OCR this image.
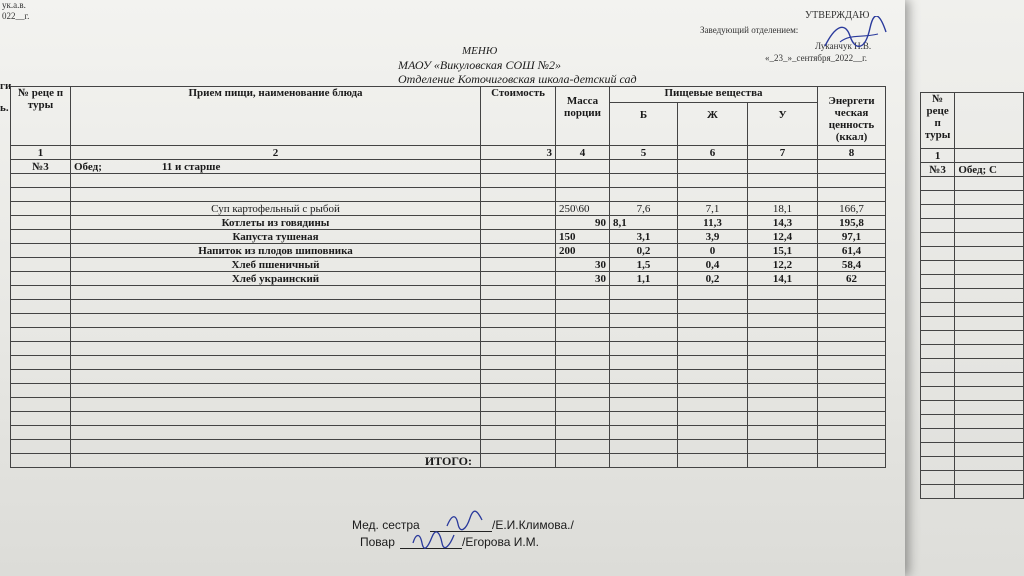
№ реце п туры	
1	
№3	Обед; С

ук.а.в.
022__г.
ги
ь.
УТВЕРЖДАЮ
Заведующий отделением:
Луканчук Н.В.
«_23_»_сентября_2022__г.
МЕНЮ
МАОУ «Викуловская СОШ №2»
Отделение Коточиговская школа-детский сад
№ реце п туры	Прием пищи, наименование блюда	Стоимость	Масса порции	Пищевые вещества			Энергети ческая ценность (ккал)
				Б	Ж	У	
1	2	3	4	5	6	7	8
№3	Обед; 11 и старше						

	Суп картофельный с рыбой		250\60	7,6	7,1	18,1	166,7
	Котлеты из говядины		90	8,1	11,3	14,3	195,8
	Капуста тушеная		150	3,1	3,9	12,4	97,1
	Напиток из плодов шиповника		200	0,2	0	15,1	61,4
	Хлеб пшеничный		30	1,5	0,4	12,2	58,4
	Хлеб украинский		30	1,1	0,2	14,1	62

	ИТОГО:						
Мед. сестра	/Е.И.Климова./
Повар	/Егорова И.М.
